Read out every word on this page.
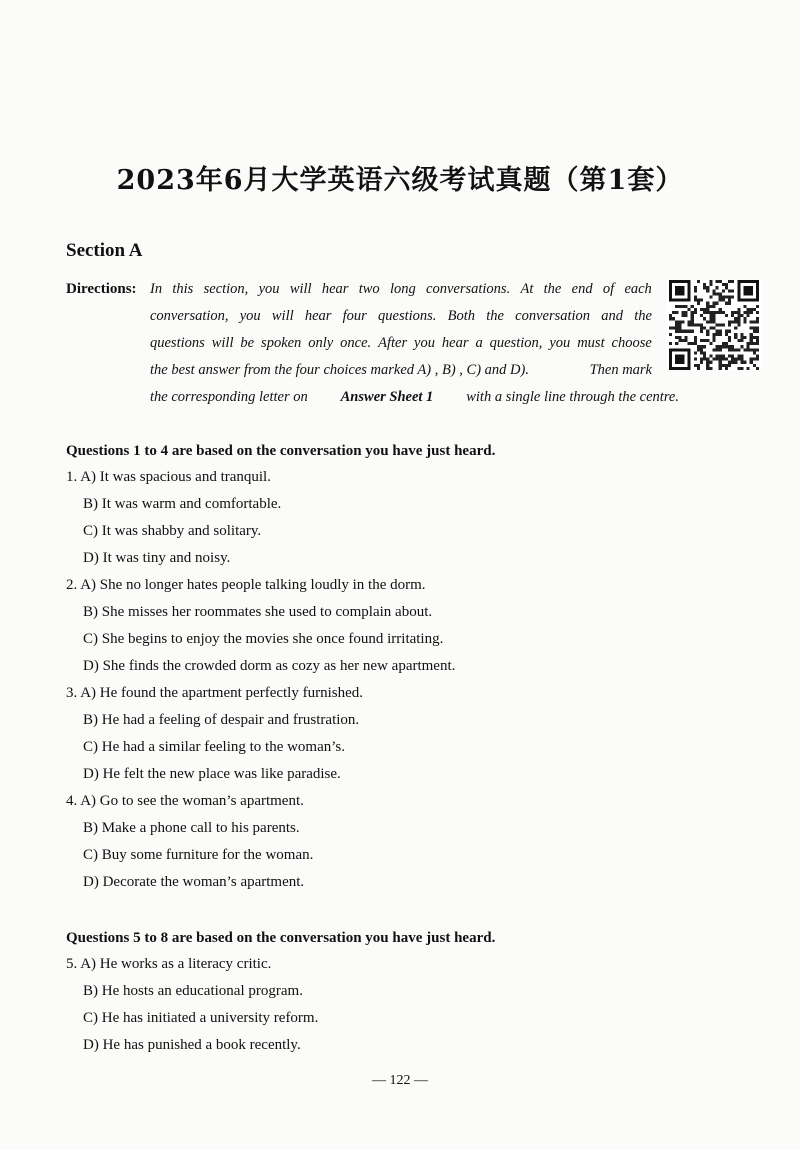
2023年6月大学英语六级考试真题（第1套）
Section A
Directions: In this section, you will hear two long conversations. At the end of each
conversation, you will hear four questions. Both the conversation and the
questions will be spoken only once. After you hear a question, you must choose
the best answer from the four choices marked A) , B) , C) and D).	Then mark
the corresponding letter on Answer Sheet 1 with a single line through the centre.
Questions 1 to 4 are based on the conversation you have just heard.
1. A) It was spacious and tranquil.
B) It was warm and comfortable.
C) It was shabby and solitary.
D) It was tiny and noisy.
2. A) She no longer hates people talking loudly in the dorm.
B) She misses her roommates she used to complain about.
C) She begins to enjoy the movies she once found irritating.
D) She finds the crowded dorm as cozy as her new apartment.
3. A) He found the apartment perfectly furnished.
B) He had a feeling of despair and frustration.
C) He had a similar feeling to the woman’s.
D) He felt the new place was like paradise.
4. A) Go to see the woman’s apartment.
B) Make a phone call to his parents.
C) Buy some furniture for the woman.
D) Decorate the woman’s apartment.
Questions 5 to 8 are based on the conversation you have just heard.
5. A) He works as a literacy critic.
B) He hosts an educational program.
C) He has initiated a university reform.
D) He has punished a book recently.
— 122 —
